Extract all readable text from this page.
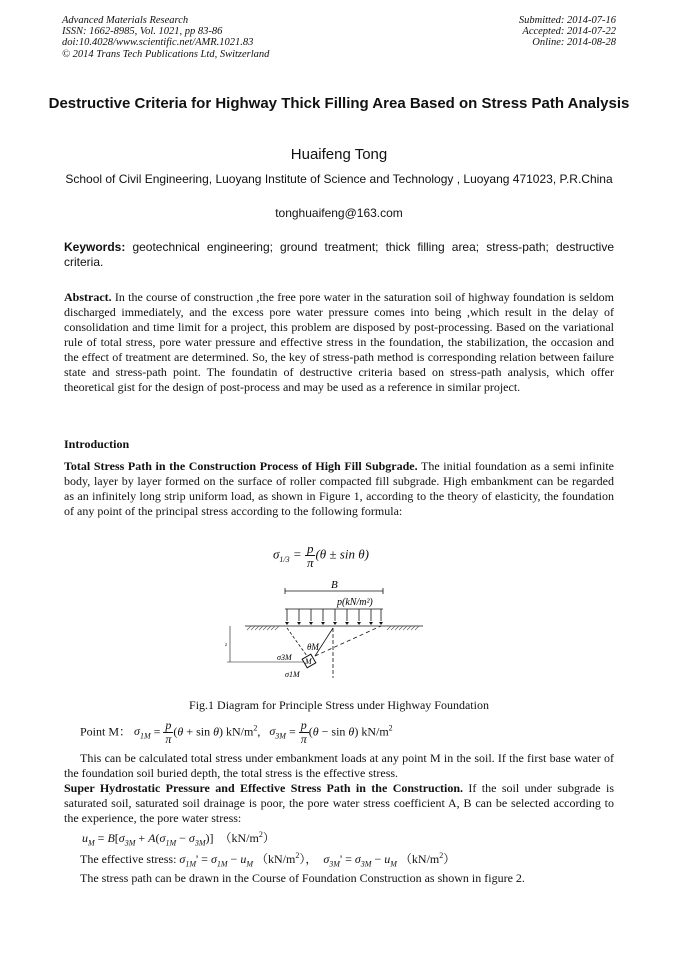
Advanced Materials Research
ISSN: 1662-8985, Vol. 1021, pp 83-86
doi:10.4028/www.scientific.net/AMR.1021.83
© 2014 Trans Tech Publications Ltd, Switzerland
Submitted: 2014-07-16
Accepted: 2014-07-22
Online: 2014-08-28
Destructive Criteria for Highway Thick Filling Area Based on Stress Path Analysis
Huaifeng Tong
School of Civil Engineering, Luoyang Institute of Science and Technology , Luoyang 471023, P.R.China
tonghuaifeng@163.com
Keywords: geotechnical engineering; ground treatment; thick filling area; stress-path; destructive criteria.
Abstract. In the course of construction ,the free pore water in the saturation soil of highway foundation is seldom discharged immediately, and the excess pore water pressure comes into being ,which result in the delay of consolidation and time limit for a project, this problem are disposed by post-processing. Based on the variational rule of total stress, pore water pressure and effective stress in the foundation, the stabilization, the occasion and the effect of treatment are determined. So, the key of stress-path method is corresponding relation between failure state and stress-path point. The foundatin of destructive criteria based on stress-path analysis, which offer theoretical gist for the design of post-process and may be used as a reference in similar project.
Introduction
Total Stress Path in the Construction Process of High Fill Subgrade. The initial foundation as a semi infinite body, layer by layer formed on the surface of roller compacted fill subgrade. High embankment can be regarded as an infinitely long strip uniform load, as shown in Figure 1, according to the theory of elasticity, the foundation of any point of the principal stress according to the following formula:
$\sigma_{1/3} = \frac{p}{\pi} (\theta \pm \sin \theta)$
B
p(kN/m²)
z
M
θM
σ3M
σ1M
Fig.1 Diagram for Principle Stress under Highway Foundation
Point M： $\sigma_{1M} = \frac{p}{\pi} (\theta + \sin \theta)$ $kN/m^2$,   $\sigma_{3M} = \frac{p}{\pi} (\theta - \sin \theta)$ $kN/m^2$
This can be calculated total stress under embankment loads at any point M in the soil. If the first base water of the foundation soil buried depth, the total stress is the effective stress.
Super Hydrostatic Pressure and Effective Stress Path in the Construction. If the soil under subgrade is saturated soil, saturated soil drainage is poor, the pore water stress coefficient A, B can be selected according to the experience, the pore water stress:
$u_M = B[\sigma_{3M} + A(\sigma_{1M} - \sigma_{3M})]$  $(kN/m^2)$
The effective stress: $\sigma_{1M}' = \sigma_{1M} - u_M$ $(kN/m^2)$，  $\sigma_{3M}' = \sigma_{3M} - u_M$ $(kN/m^2)$
The stress path can be drawn in the Course of Foundation Construction as shown in figure 2.
